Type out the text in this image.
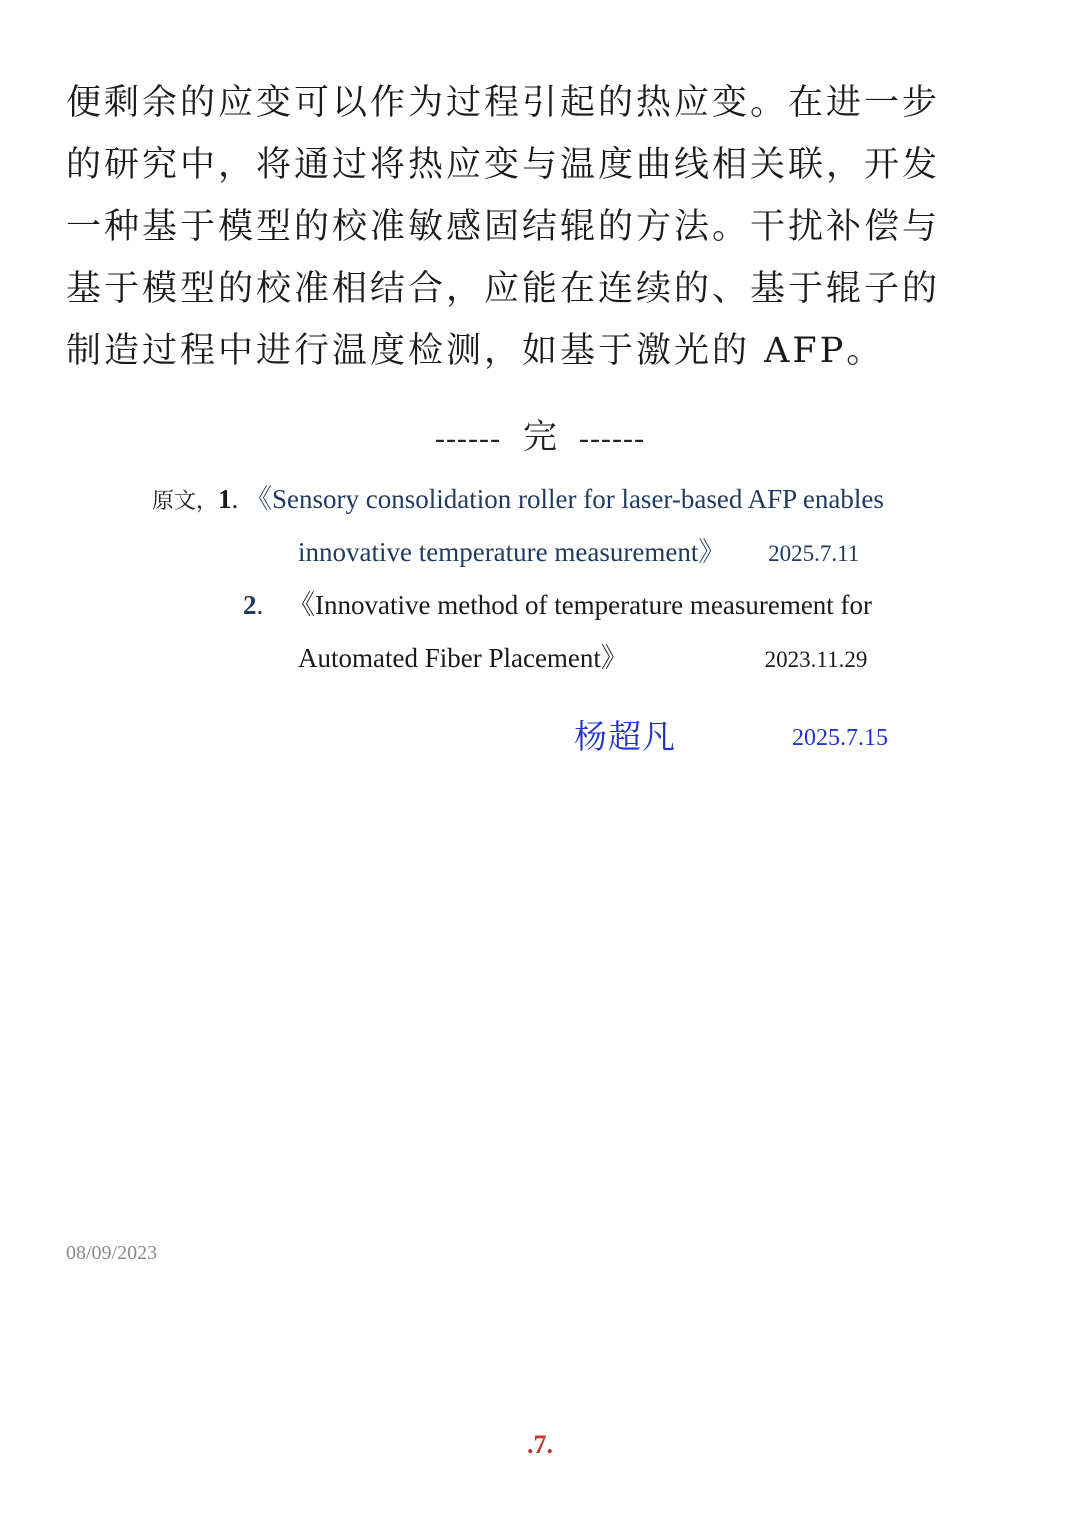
便剩余的应变可以作为过程引起的热应变。在进一步
的研究中，将通过将热应变与温度曲线相关联，开发
一种基于模型的校准敏感固结辊的方法。干扰补偿与
基于模型的校准相结合，应能在连续的、基于辊子的
制造过程中进行温度检测，如基于激光的 AFP。
------ 完 ------
原文，1. 《Sensory consolidation roller for laser-based AFP enables
innovative temperature measurement》 2025.7.11
2. 《Innovative method of temperature measurement for
Automated Fiber Placement》	2023.11.29
杨超凡	2025.7.15
08/09/2023
.7.
